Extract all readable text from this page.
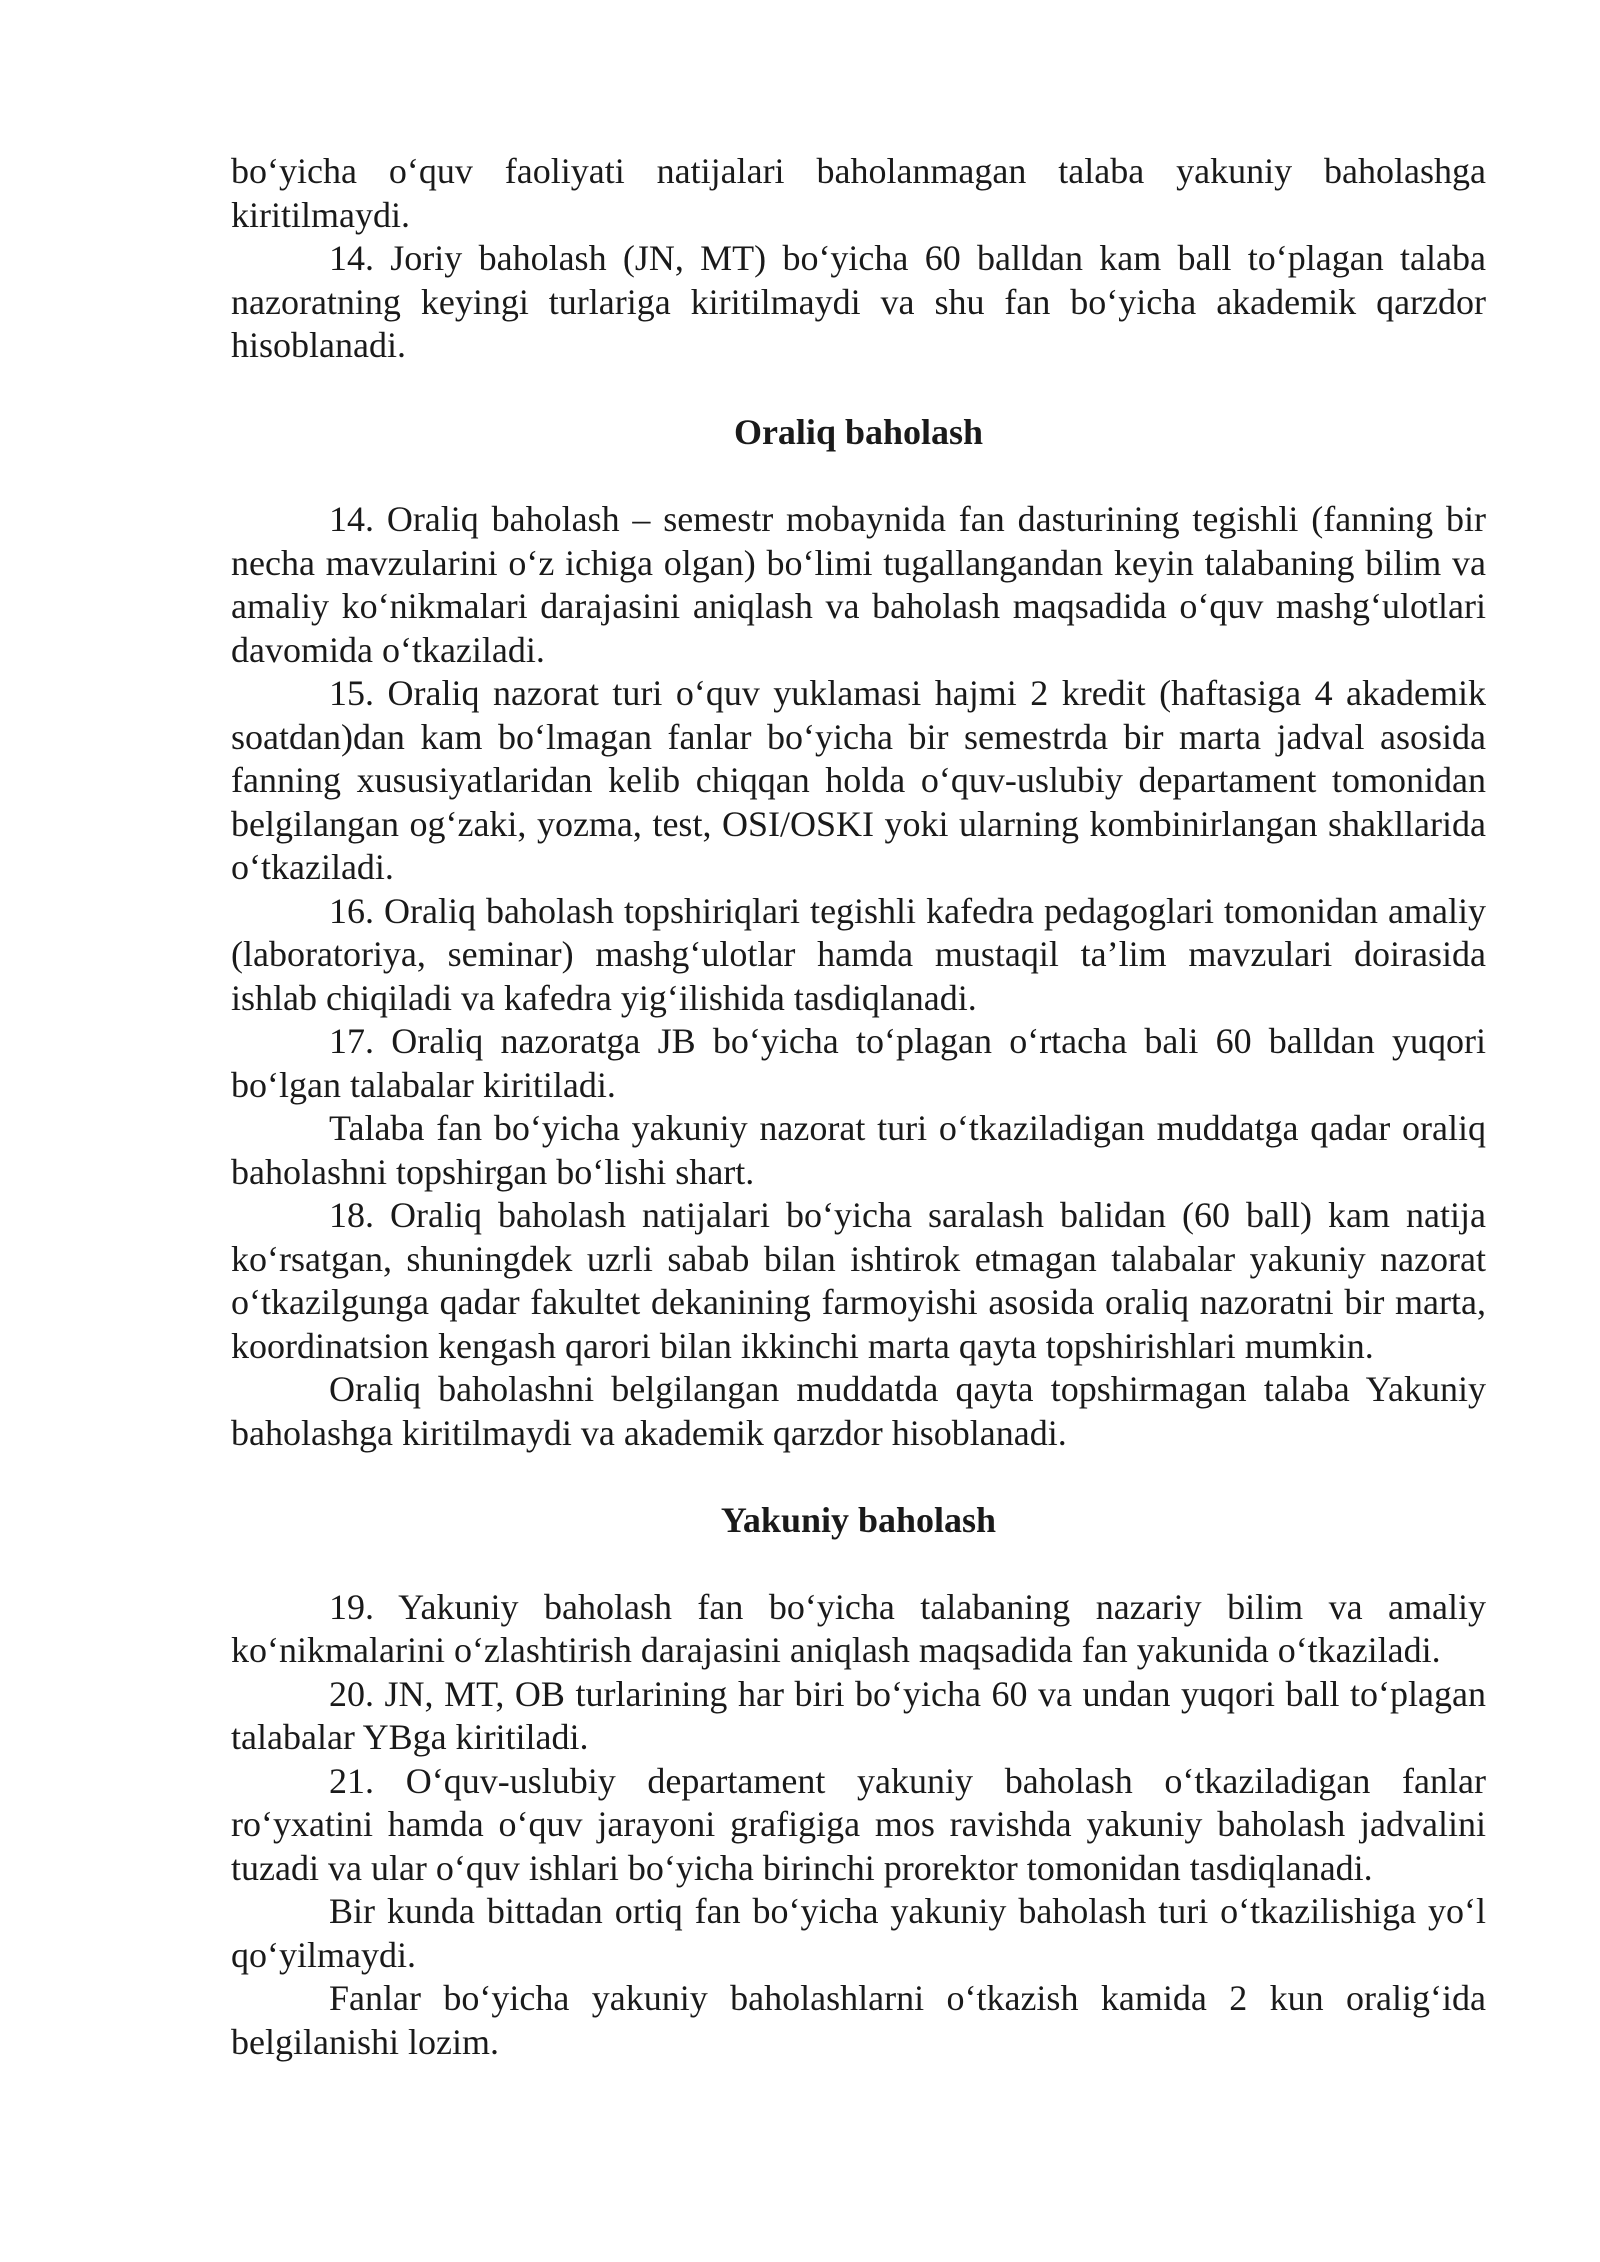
bo‘yicha o‘quv faoliyati natijalari baholanmagan talaba yakuniy baholashga kiritilmaydi.

14. Joriy baholash (JN, MT) bo‘yicha 60 balldan kam ball to‘plagan talaba nazoratning keyingi turlariga kiritilmaydi va shu fan bo‘yicha akademik qarzdor hisoblanadi.

Oraliq baholash

14. Oraliq baholash – semestr mobaynida fan dasturining tegishli (fanning bir necha mavzularini o‘z ichiga olgan) bo‘limi tugallangandan keyin talabaning bilim va amaliy ko‘nikmalari darajasini aniqlash va baholash maqsadida o‘quv mashg‘ulotlari davomida o‘tkaziladi.

15. Oraliq nazorat turi o‘quv yuklamasi hajmi 2 kredit (haftasiga 4 akademik soatdan)dan kam bo‘lmagan fanlar bo‘yicha bir semestrda bir marta jadval asosida fanning xususiyatlaridan kelib chiqqan holda o‘quv-uslubiy departament tomonidan belgilangan og‘zaki, yozma, test, OSI/OSKI yoki ularning kombinirlangan shakllarida o‘tkaziladi.

16. Oraliq baholash topshiriqlari tegishli kafedra pedagoglari tomonidan amaliy (laboratoriya, seminar) mashg‘ulotlar hamda mustaqil ta’lim mavzulari doirasida ishlab chiqiladi va kafedra yig‘ilishida tasdiqlanadi.

17. Oraliq nazoratga JB bo‘yicha to‘plagan o‘rtacha bali 60 balldan yuqori bo‘lgan talabalar kiritiladi.

Talaba fan bo‘yicha yakuniy nazorat turi o‘tkaziladigan muddatga qadar oraliq baholashni topshirgan bo‘lishi shart.

18. Oraliq baholash natijalari bo‘yicha saralash balidan (60 ball) kam natija ko‘rsatgan, shuningdek uzrli sabab bilan ishtirok etmagan talabalar yakuniy nazorat o‘tkazilgunga qadar fakultet dekanining farmoyishi asosida oraliq nazoratni bir marta, koordinatsion kengash qarori bilan ikkinchi marta qayta topshirishlari mumkin.

Oraliq baholashni belgilangan muddatda qayta topshirmagan talaba Yakuniy baholashga kiritilmaydi va akademik qarzdor hisoblanadi.

Yakuniy baholash

19. Yakuniy baholash fan bo‘yicha talabaning nazariy bilim va amaliy ko‘nikmalarini o‘zlashtirish darajasini aniqlash maqsadida fan yakunida o‘tkaziladi.

20. JN, MT, OB turlarining har biri bo‘yicha 60 va undan yuqori ball to‘plagan talabalar YBga kiritiladi.

21. O‘quv-uslubiy departament yakuniy baholash o‘tkaziladigan fanlar ro‘yxatini hamda o‘quv jarayoni grafigiga mos ravishda yakuniy baholash jadvalini tuzadi va ular o‘quv ishlari bo‘yicha birinchi prorektor tomonidan tasdiqlanadi.

Bir kunda bittadan ortiq fan bo‘yicha yakuniy baholash turi o‘tkazilishiga yo‘l qo‘yilmaydi.

Fanlar bo‘yicha yakuniy baholashlarni o‘tkazish kamida 2 kun oralig‘ida belgilanishi lozim.
